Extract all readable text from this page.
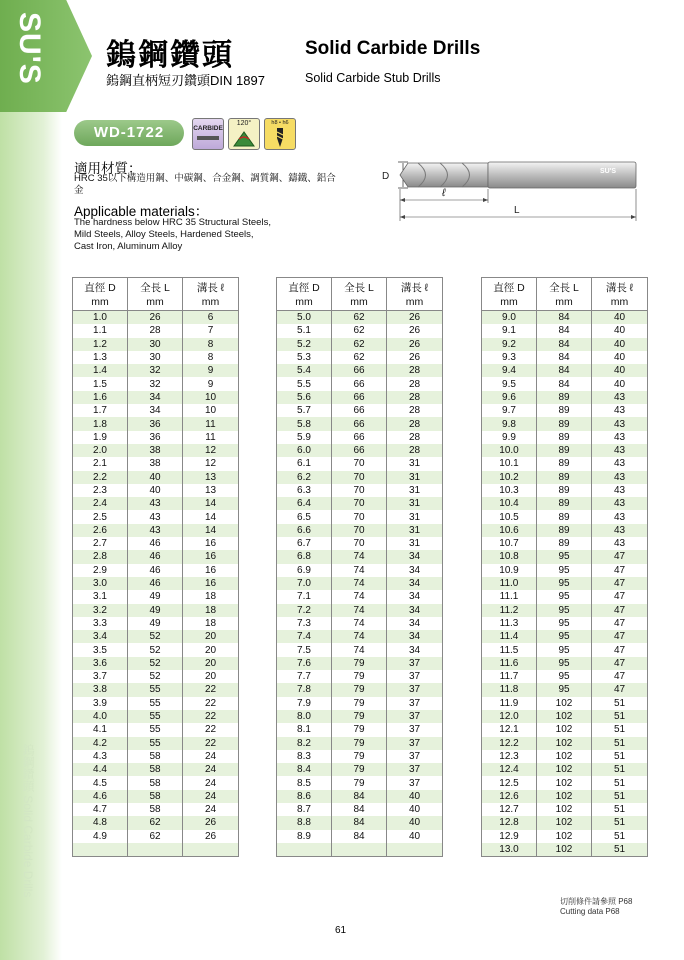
SU'S
鎢鋼鑽頭 Solid Carbide Drills
鎢鋼鑽頭
鎢鋼直柄短刃鑽頭DIN 1897
Solid Carbide Drills
Solid Carbide Stub Drills
WD-1722	CARBIDE
120°	h8 • h6
適用材質：
HRC 35以下構造用鋼、中碳鋼、合金鋼、調質鋼、鑄鐵、鋁合金
Applicable materials：
The hardness below HRC 35 Structural Steels,
Mild Steels, Alloy Steels, Hardened Steels,
Cast Iron, Aluminum Alloy
D	SU'S
ℓ
L
直徑 D	全長 L	溝長 ℓ
mm	mm	mm
1.0	26	6
1.1	28	7
1.2	30	8
1.3	30	8
1.4	32	9
1.5	32	9
1.6	34	10
1.7	34	10
1.8	36	11
1.9	36	11
2.0	38	12
2.1	38	12
2.2	40	13
2.3	40	13
2.4	43	14
2.5	43	14
2.6	43	14
2.7	46	16
2.8	46	16
2.9	46	16
3.0	46	16
3.1	49	18
3.2	49	18
3.3	49	18
3.4	52	20
3.5	52	20
3.6	52	20
3.7	52	20
3.8	55	22
3.9	55	22
4.0	55	22
4.1	55	22
4.2	55	22
4.3	58	24
4.4	58	24
4.5	58	24
4.6	58	24
4.7	58	24
4.8	62	26
4.9	62	26

直徑 D	全長 L	溝長 ℓ
mm	mm	mm
5.0	62	26
5.1	62	26
5.2	62	26
5.3	62	26
5.4	66	28
5.5	66	28
5.6	66	28
5.7	66	28
5.8	66	28
5.9	66	28
6.0	66	28
6.1	70	31
6.2	70	31
6.3	70	31
6.4	70	31
6.5	70	31
6.6	70	31
6.7	70	31
6.8	74	34
6.9	74	34
7.0	74	34
7.1	74	34
7.2	74	34
7.3	74	34
7.4	74	34
7.5	74	34
7.6	79	37
7.7	79	37
7.8	79	37
7.9	79	37
8.0	79	37
8.1	79	37
8.2	79	37
8.3	79	37
8.4	79	37
8.5	79	37
8.6	84	40
8.7	84	40
8.8	84	40
8.9	84	40

直徑 D	全長 L	溝長 ℓ
mm	mm	mm
9.0	84	40
9.1	84	40
9.2	84	40
9.3	84	40
9.4	84	40
9.5	84	40
9.6	89	43
9.7	89	43
9.8	89	43
9.9	89	43
10.0	89	43
10.1	89	43
10.2	89	43
10.3	89	43
10.4	89	43
10.5	89	43
10.6	89	43
10.7	89	43
10.8	95	47
10.9	95	47
11.0	95	47
11.1	95	47
11.2	95	47
11.3	95	47
11.4	95	47
11.5	95	47
11.6	95	47
11.7	95	47
11.8	95	47
11.9	102	51
12.0	102	51
12.1	102	51
12.2	102	51
12.3	102	51
12.4	102	51
12.5	102	51
12.6	102	51
12.7	102	51
12.8	102	51
12.9	102	51
13.0	102	51
切削條件請參照 P68
Cutting data P68
61
